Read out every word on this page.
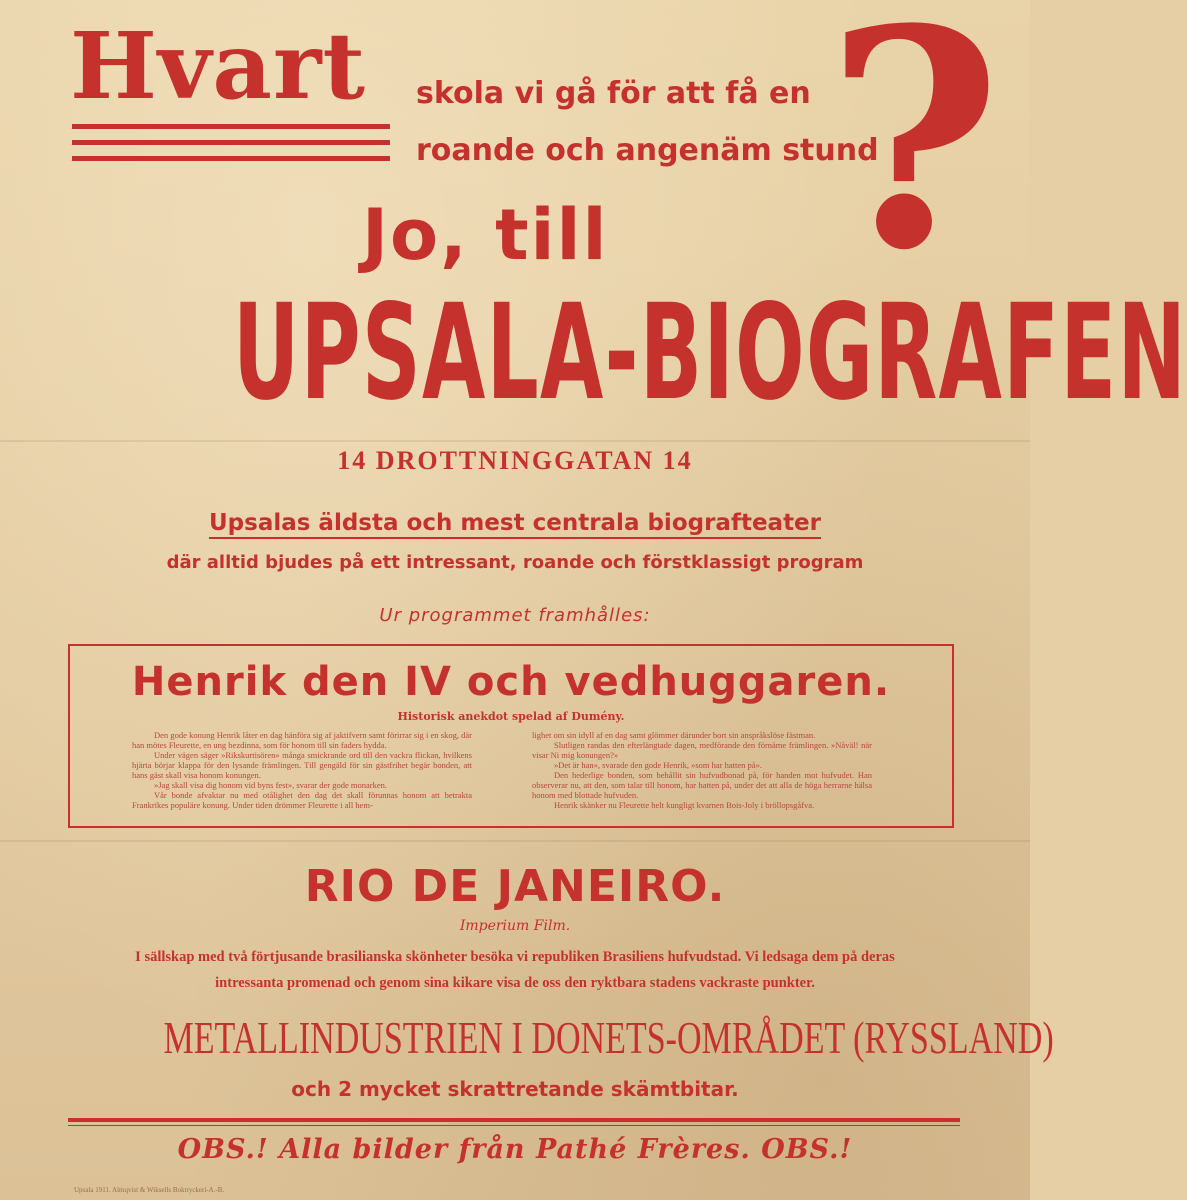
Hvart	skola vi gå för att få en
roande och angenäm stund
?
Jo, till
UPSALA-BIOGRAFEN
14 DROTTNINGGATAN 14
Upsalas äldsta och mest centrala biografteater
där alltid bjudes på ett intressant, roande och förstklassigt program
Ur programmet framhålles:
Henrik den IV och vedhuggaren.
Historisk anekdot spelad af Dumény.

Den gode konung Henrik låter en dag hänföra sig af jaktifvern samt förirrar sig i en skog, där han mötes Fleurette, en ung bezdinna, som för honom till sin faders hydda.

Under vägen säger »Rikskurtisören» många smickrande ord till den vackra flickan, hvilkens hjärta börjar klappa för den lysande främlingen. Till gengäld för sin gästfrihet begär bonden, att hans gäst skall visa honom konungen.

»Jag skall visa dig honom vid byns fest», svarar der gode monarken.

Vår bonde afvaktar nu med otålighet den dag det skall förunnas honom att betrakta Frankrikes populäre konung. Under tiden drömmer Fleurette i all hem-

lighet om sin idyll af en dag samt glömmer därunder bort sin anspråkslöse fästman.

Slutligen randas den efterlängtade dagen, medförande den förnäme främlingen. »Nåväl! när visar Ni mig konungen?»

»Det är han», svarade den gode Henrik, »som har hatten på».

Den hederlige bonden, som behållit sin hufvudbonad på, för handen mot hufvudet. Han observerar nu, att den, som talar till honom, har hatten på, under det att alla de höga herrarne hälsa honom med blottade hufvuden.

Henrik skänker nu Fleurette helt kungligt kvarnen Bois-Joly i bröllopsgåfva.

RIO DE JANEIRO.
Imperium Film.
I sällskap med två förtjusande brasilianska skönheter besöka vi republiken Brasiliens hufvudstad. Vi ledsaga dem på deras intressanta promenad och genom sina kikare visa de oss den ryktbara stadens vackraste punkter.
METALLINDUSTRIEN I DONETS-OMRÅDET (RYSSLAND)
och 2 mycket skrattretande skämtbitar.
OBS.! Alla bilder från Pathé Frères. OBS.!
Upsala 1911. Almqvist & Wiksells Boktryckeri-A.-B.
